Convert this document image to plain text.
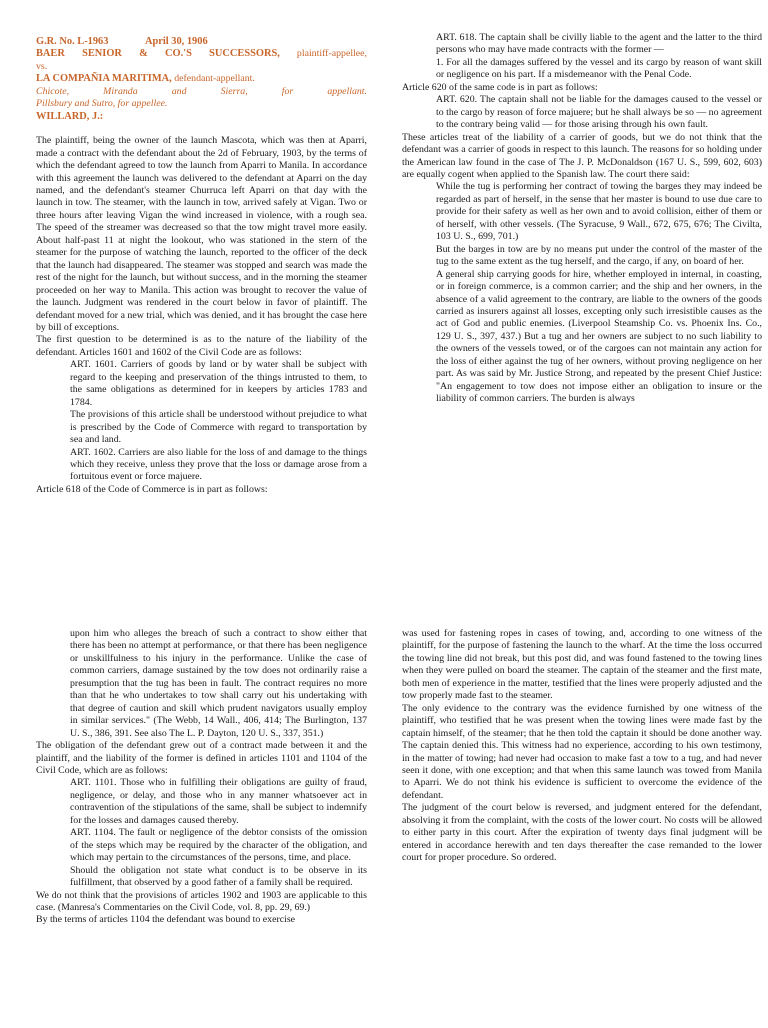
G.R. No. L-1963	April 30, 1906

BAER SENIOR & CO.'S SUCCESSORS, plaintiff-appellee,

vs.

LA COMPAÑIA MARITIMA, defendant-appellant.

Chicote, Miranda and Sierra, for appellant.

Pillsbury and Sutro, for appellee.

WILLARD, J.:

The plaintiff, being the owner of the launch Mascota, which was then at Aparri, made a contract with the defendant about the 2d of February, 1903, by the terms of which the defendant agreed to tow the launch from Aparri to Manila. In accordance with this agreement the launch was delivered to the defendant at Aparri on the day named, and the defendant's steamer Churruca left Aparri on that day with the launch in tow. The steamer, with the launch in tow, arrived safely at Vigan. Two or three hours after leaving Vigan the wind increased in violence, with a rough sea. The speed of the streamer was decreased so that the tow might travel more easily. About half-past 11 at night the lookout, who was stationed in the stern of the steamer for the purpose of watching the launch, reported to the officer of the deck that the launch had disappeared. The steamer was stopped and search was made the rest of the night for the launch, but without success, and in the morning the steamer proceeded on her way to Manila. This action was brought to recover the value of the launch. Judgment was rendered in the court below in favor of plaintiff. The defendant moved for a new trial, which was denied, and it has brought the case here by bill of exceptions.

The first question to be determined is as to the nature of the liability of the defendant. Articles 1601 and 1602 of the Civil Code are as follows:

ART. 1601. Carriers of goods by land or by water shall be subject with regard to the keeping and preservation of the things intrusted to them, to the same obligations as determined for in keepers by articles 1783 and 1784.

The provisions of this article shall be understood without prejudice to what is prescribed by the Code of Commerce with regard to transportation by sea and land.

ART. 1602. Carriers are also liable for the loss of and damage to the things which they receive, unless they prove that the loss or damage arose from a fortuitous event or force majuere.

Article 618 of the Code of Commerce is in part as follows:

ART. 618. The captain shall be civilly liable to the agent and the latter to the third persons who may have made contracts with the former —

1. For all the damages suffered by the vessel and its cargo by reason of want skill or negligence on his part. If a misdemeanor with the Penal Code.

Article 620 of the same code is in part as follows:

ART. 620. The captain shall not be liable for the damages caused to the vessel or to the cargo by reason of force majuere; but he shall always be so — no agreement to the contrary being valid — for those arising through his own fault.

These articles treat of the liability of a carrier of goods, but we do not think that the defendant was a carrier of goods in respect to this launch. The reasons for so holding under the American law found in the case of The J. P. McDonaldson (167 U. S., 599, 602, 603) are equally cogent when applied to the Spanish law. The court there said:

While the tug is performing her contract of towing the barges they may indeed be regarded as part of herself, in the sense that her master is bound to use due care to provide for their safety as well as her own and to avoid collision, either of them or of herself, with other vessels. (The Syracuse, 9 Wall., 672, 675, 676; The Civilta, 103 U. S., 699, 701.)

But the barges in tow are by no means put under the control of the master of the tug to the same extent as the tug herself, and the cargo, if any, on board of her.

A general ship carrying goods for hire, whether employed in internal, in coasting, or in foreign commerce, is a common carrier; and the ship and her owners, in the absence of a valid agreement to the contrary, are liable to the owners of the goods carried as insurers against all losses, excepting only such irresistible causes as the act of God and public enemies. (Liverpool Steamship Co. vs. Phoenix Ins. Co., 129 U. S., 397, 437.) But a tug and her owners are subject to no such liability to the owners of the vessels towed, or of the cargoes can not maintain any action for the loss of either against the tug of her owners, without proving negligence on her part. As was said by Mr. Justice Strong, and repeated by the present Chief Justice: "An engagement to tow does not impose either an obligation to insure or the liability of common carriers. The burden is always

upon him who alleges the breach of such a contract to show either that there has been no attempt at performance, or that there has been negligence or unskillfulness to his injury in the performance. Unlike the case of common carriers, damage sustained by the tow does not ordinarily raise a presumption that the tug has been in fault. The contract requires no more than that he who undertakes to tow shall carry out his undertaking with that degree of caution and skill which prudent navigators usually employ in similar services." (The Webb, 14 Wall., 406, 414; The Burlington, 137 U. S., 386, 391. See also The L. P. Dayton, 120 U. S., 337, 351.)

The obligation of the defendant grew out of a contract made between it and the plaintiff, and the liability of the former is defined in articles 1101 and 1104 of the Civil Code, which are as follows:

ART. 1101. Those who in fulfilling their obligations are guilty of fraud, negligence, or delay, and those who in any manner whatsoever act in contravention of the stipulations of the same, shall be subject to indemnify for the losses and damages caused thereby.

ART. 1104. The fault or negligence of the debtor consists of the omission of the steps which may be required by the character of the obligation, and which may pertain to the circumstances of the persons, time, and place.

Should the obligation not state what conduct is to be observe in its fulfillment, that observed by a good father of a family shall be required.

We do not think that the provisions of articles 1902 and 1903 are applicable to this case. (Manresa's Commentaries on the Civil Code, vol. 8, pp. 29, 69.)

By the terms of articles 1104 the defendant was bound to exercise

was used for fastening ropes in cases of towing, and, according to one witness of the plaintiff, for the purpose of fastening the launch to the wharf. At the time the loss occurred the towing line did not break, but this post did, and was found fastened to the towing lines when they were pulled on board the steamer. The captain of the steamer and the first mate, both men of experience in the matter, testified that the lines were properly adjusted and the tow properly made fast to the steamer.

The only evidence to the contrary was the evidence furnished by one witness of the plaintiff, who testified that he was present when the towing lines were made fast by the captain himself, of the steamer; that he then told the captain it should be done another way. The captain denied this. This witness had no experience, according to his own testimony, in the matter of towing; had never had occasion to make fast a tow to a tug, and had never seen it done, with one exception; and that when this same launch was towed from Manila to Aparri. We do not think his evidence is sufficient to overcome the evidence of the defendant.

The judgment of the court below is reversed, and judgment entered for the defendant, absolving it from the complaint, with the costs of the lower court. No costs will be allowed to either party in this court. After the expiration of twenty days final judgment will be entered in accordance herewith and ten days thereafter the case remanded to the lower court for proper procedure. So ordered.
